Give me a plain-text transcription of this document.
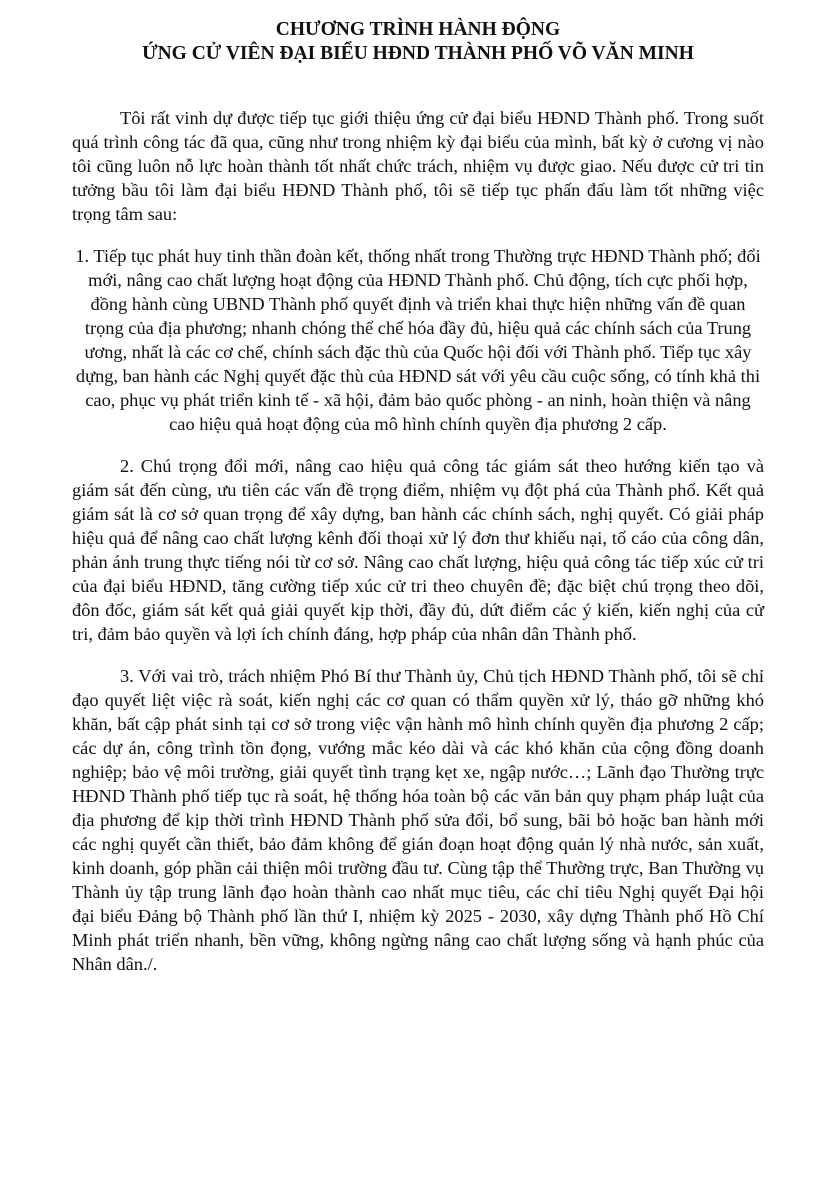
CHƯƠNG TRÌNH HÀNH ĐỘNG
ỨNG CỬ VIÊN ĐẠI BIỂU HĐND THÀNH PHỐ VÕ VĂN MINH

Tôi rất vinh dự được tiếp tục giới thiệu ứng cử đại biểu HĐND Thành phố. Trong suốt quá trình công tác đã qua, cũng như trong nhiệm kỳ đại biểu của mình, bất kỳ ở cương vị nào tôi cũng luôn nỗ lực hoàn thành tốt nhất chức trách, nhiệm vụ được giao. Nếu được cử tri tin tưởng bầu tôi làm đại biểu HĐND Thành phố, tôi sẽ tiếp tục phấn đấu làm tốt những việc trọng tâm sau:

1. Tiếp tục phát huy tinh thần đoàn kết, thống nhất trong Thường trực HĐND Thành phố; đổi mới, nâng cao chất lượng hoạt động của HĐND Thành phố. Chủ động, tích cực phối hợp, đồng hành cùng UBND Thành phố quyết định và triển khai thực hiện những vấn đề quan trọng của địa phương; nhanh chóng thể chế hóa đầy đủ, hiệu quả các chính sách của Trung ương, nhất là các cơ chế, chính sách đặc thù của Quốc hội đối với Thành phố. Tiếp tục xây dựng, ban hành các Nghị quyết đặc thù của HĐND sát với yêu cầu cuộc sống, có tính khả thi cao, phục vụ phát triển kinh tế - xã hội, đảm bảo quốc phòng - an ninh, hoàn thiện và nâng cao hiệu quả hoạt động của mô hình chính quyền địa phương 2 cấp.

2. Chú trọng đổi mới, nâng cao hiệu quả công tác giám sát theo hướng kiến tạo và giám sát đến cùng, ưu tiên các vấn đề trọng điểm, nhiệm vụ đột phá của Thành phố. Kết quả giám sát là cơ sở quan trọng để xây dựng, ban hành các chính sách, nghị quyết. Có giải pháp hiệu quả để nâng cao chất lượng kênh đối thoại xử lý đơn thư khiếu nại, tố cáo của công dân, phản ánh trung thực tiếng nói từ cơ sở. Nâng cao chất lượng, hiệu quả công tác tiếp xúc cử tri của đại biểu HĐND, tăng cường tiếp xúc cử tri theo chuyên đề; đặc biệt chú trọng theo dõi, đôn đốc, giám sát kết quả giải quyết kịp thời, đầy đủ, dứt điểm các ý kiến, kiến nghị của cử tri, đảm bảo quyền và lợi ích chính đáng, hợp pháp của nhân dân Thành phố.

3. Với vai trò, trách nhiệm Phó Bí thư Thành ủy, Chủ tịch HĐND Thành phố, tôi sẽ chỉ đạo quyết liệt việc rà soát, kiến nghị các cơ quan có thẩm quyền xử lý, tháo gỡ những khó khăn, bất cập phát sinh tại cơ sở trong việc vận hành mô hình chính quyền địa phương 2 cấp; các dự án, công trình tồn đọng, vướng mắc kéo dài và các khó khăn của cộng đồng doanh nghiệp; bảo vệ môi trường, giải quyết tình trạng kẹt xe, ngập nước…; Lãnh đạo Thường trực HĐND Thành phố tiếp tục rà soát, hệ thống hóa toàn bộ các văn bản quy phạm pháp luật của địa phương để kịp thời trình HĐND Thành phố sửa đổi, bổ sung, bãi bỏ hoặc ban hành mới các nghị quyết cần thiết, bảo đảm không để gián đoạn hoạt động quản lý nhà nước, sản xuất, kinh doanh, góp phần cải thiện môi trường đầu tư. Cùng tập thể Thường trực, Ban Thường vụ Thành ủy tập trung lãnh đạo hoàn thành cao nhất mục tiêu, các chỉ tiêu Nghị quyết Đại hội đại biểu Đảng bộ Thành phố lần thứ I, nhiệm kỳ 2025 - 2030, xây dựng Thành phố Hồ Chí Minh phát triển nhanh, bền vững, không ngừng nâng cao chất lượng sống và hạnh phúc của Nhân dân./.
